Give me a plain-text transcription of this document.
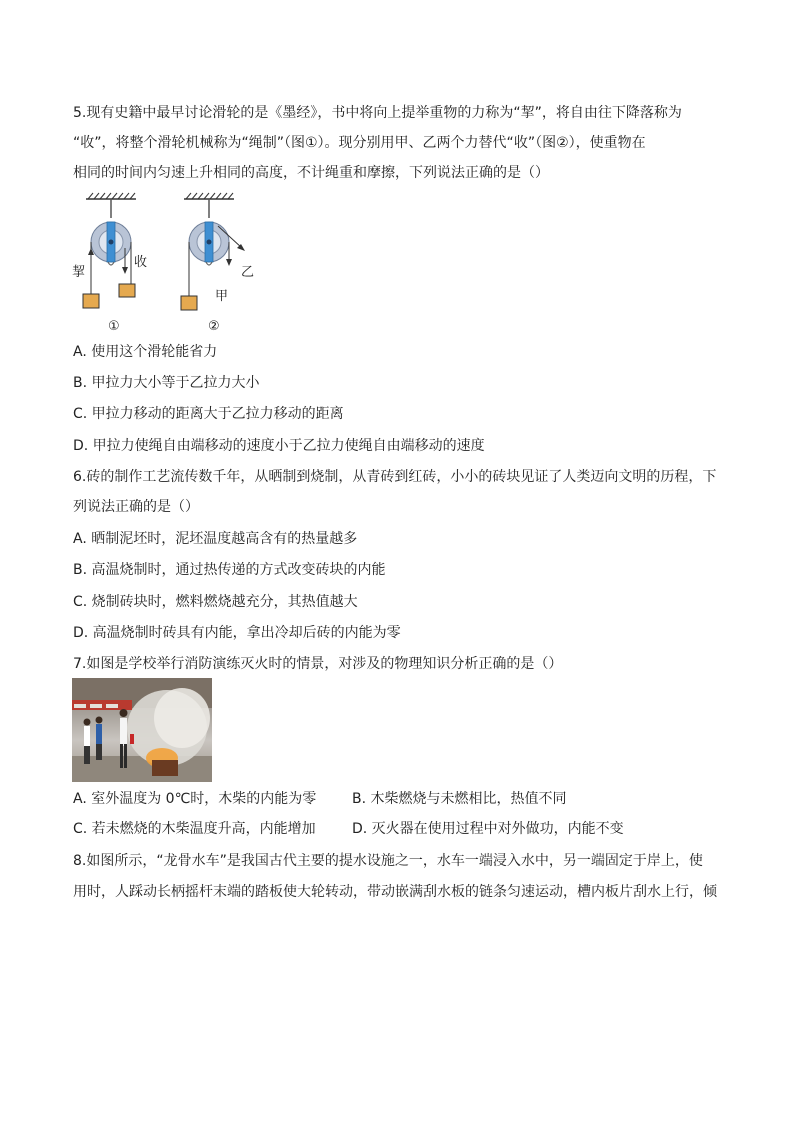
5.现有史籍中最早讨论滑轮的是《墨经》，书中将向上提举重物的力称为“挈”，将自由往下降落称为
“收”，将整个滑轮机械称为“绳制”（图①）。现分别用甲、乙两个力替代“收”（图②），使重物在
相同的时间内匀速上升相同的高度，不计绳重和摩擦，下列说法正确的是（）
挈
收
甲
乙
①	②
A. 使用这个滑轮能省力
B. 甲拉力大小等于乙拉力大小
C. 甲拉力移动的距离大于乙拉力移动的距离
D. 甲拉力使绳自由端移动的速度小于乙拉力使绳自由端移动的速度
6.砖的制作工艺流传数千年，从晒制到烧制，从青砖到红砖，小小的砖块见证了人类迈向文明的历程，下
列说法正确的是（）
A. 晒制泥坯时，泥坯温度越高含有的热量越多
B. 高温烧制时，通过热传递的方式改变砖块的内能
C. 烧制砖块时，燃料燃烧越充分，其热值越大
D. 高温烧制时砖具有内能，拿出冷却后砖的内能为零
7.如图是学校举行消防演练灭火时的情景，对涉及的物理知识分析正确的是（）
A. 室外温度为 0℃时，木柴的内能为零	B. 木柴燃烧与未燃相比，热值不同
C. 若未燃烧的木柴温度升高，内能增加	D. 灭火器在使用过程中对外做功，内能不变
8.如图所示，“龙骨水车”是我国古代主要的提水设施之一，水车一端浸入水中，另一端固定于岸上，使
用时，人踩动长柄摇杆末端的踏板使大轮转动，带动嵌满刮水板的链条匀速运动，槽内板片刮水上行，倾
